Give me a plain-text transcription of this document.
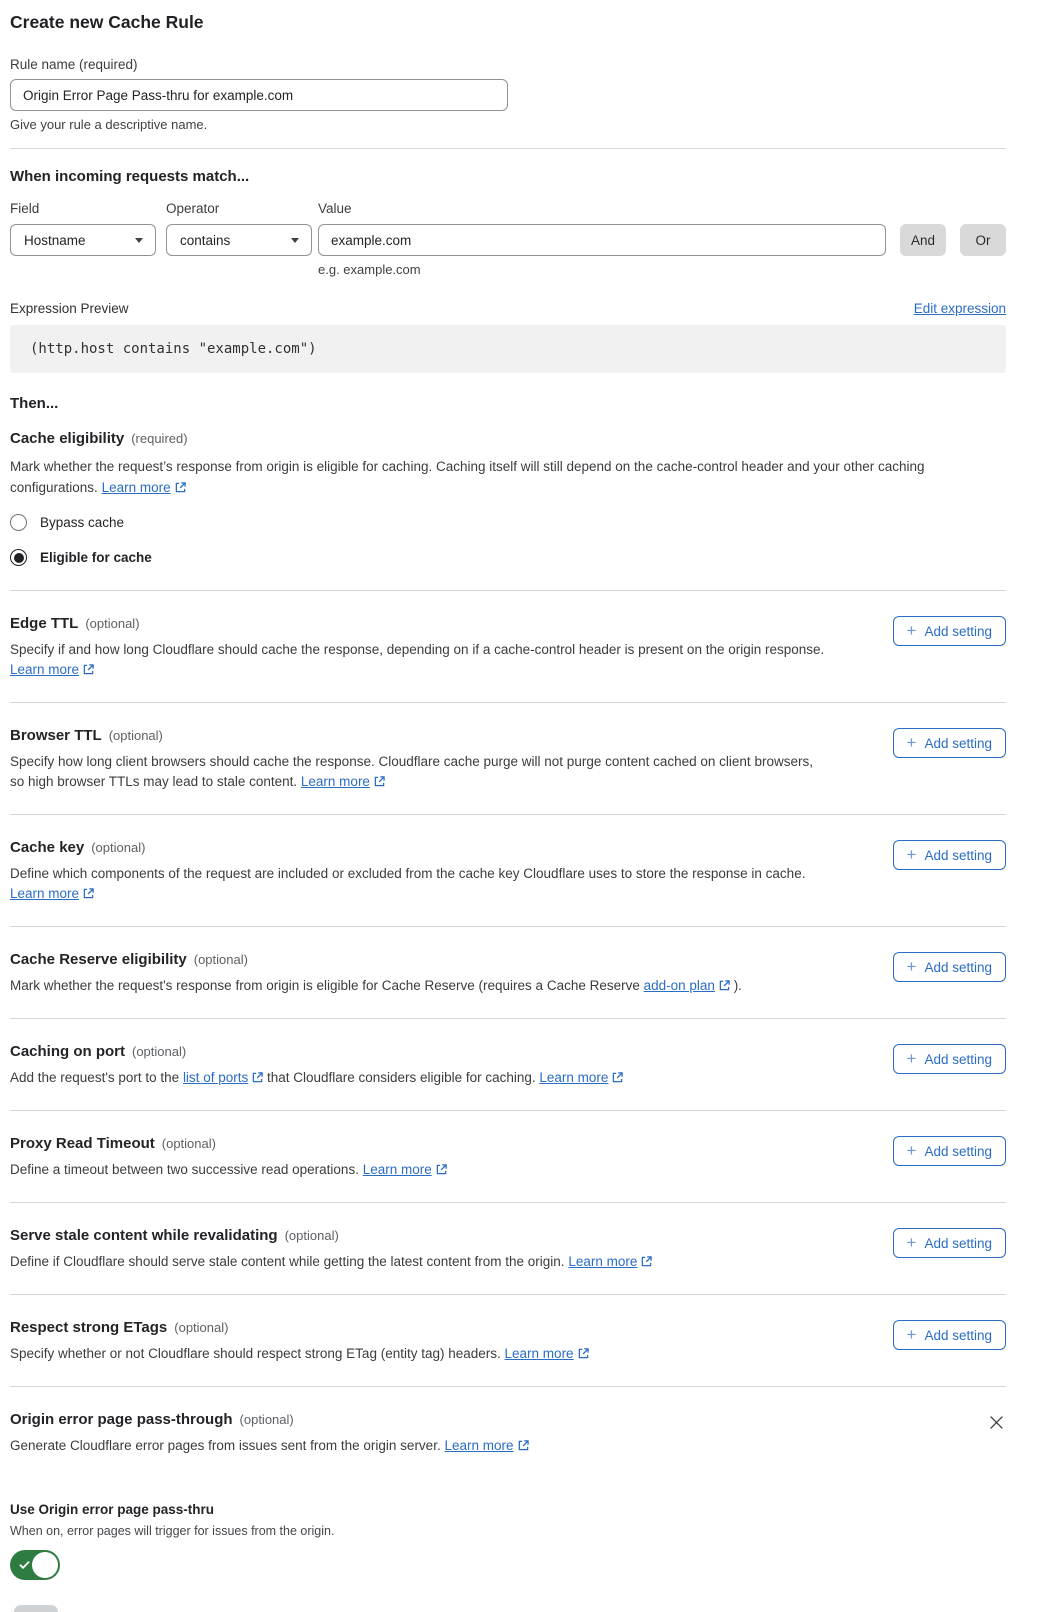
Create new Cache Rule
Rule name (required)
Origin Error Page Pass-thru for example.com
Give your rule a descriptive name.
When incoming requests match...
Field
Hostname
Operator
contains
Value
example.com
e.g. example.com
And	Or
Expression Preview	Edit expression
(http.host contains "example.com")
Then...
Cache eligibility (required)

Mark whether the request’s response from origin is eligible for caching. Caching itself will still depend on the cache-control header and your other caching configurations. Learn more

Bypass cache
Eligible for cache
Edge TTL (optional)

Specify if and how long Cloudflare should cache the response, depending on if a cache-control header is present on the origin response. Learn more

+ Add setting
Browser TTL (optional)

Specify how long client browsers should cache the response. Cloudflare cache purge will not purge content cached on client browsers, so high browser TTLs may lead to stale content. Learn more

+ Add setting
Cache key (optional)

Define which components of the request are included or excluded from the cache key Cloudflare uses to store the response in cache. Learn more

+ Add setting
Cache Reserve eligibility (optional)

Mark whether the request's response from origin is eligible for Cache Reserve (requires a Cache Reserve add-on plan ).

+ Add setting
Caching on port (optional)

Add the request's port to the list of ports that Cloudflare considers eligible for caching. Learn more

+ Add setting
Proxy Read Timeout (optional)

Define a timeout between two successive read operations. Learn more

+ Add setting
Serve stale content while revalidating (optional)

Define if Cloudflare should serve stale content while getting the latest content from the origin. Learn more

+ Add setting
Respect strong ETags (optional)

Specify whether or not Cloudflare should respect strong ETag (entity tag) headers. Learn more

+ Add setting
Origin error page pass-through (optional)

Generate Cloudflare error pages from issues sent from the origin server. Learn more

Use Origin error page pass-thru
When on, error pages will trigger for issues from the origin.
